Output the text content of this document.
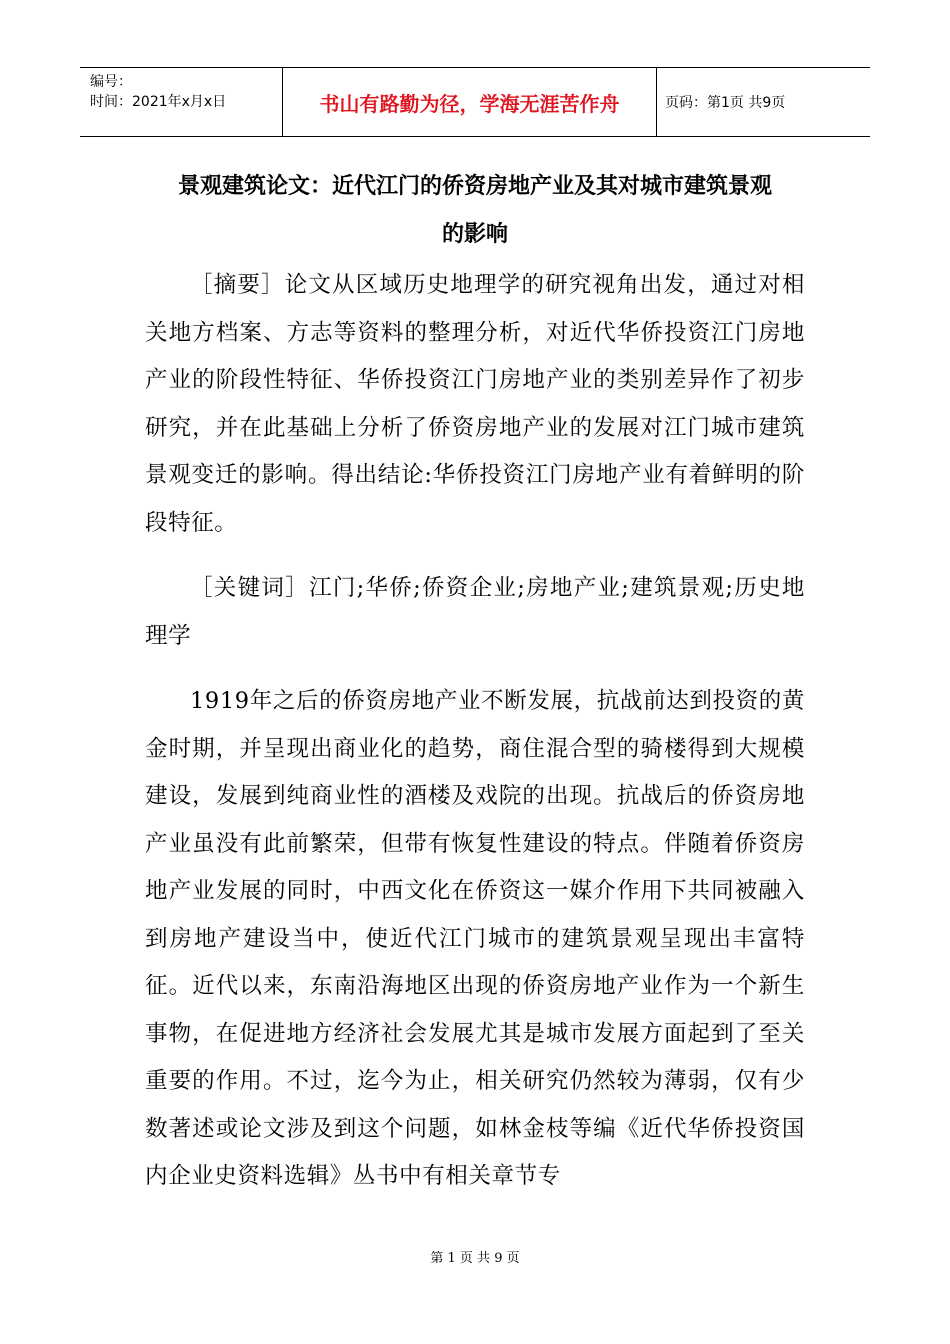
编号：
时间：2021年x月x日	书山有路勤为径，学海无涯苦作舟	页码：第1页 共9页
景观建筑论文：近代江门的侨资房地产业及其对城市建筑景观
的影响

［摘要］论文从区域历史地理学的研究视角出发，通过对相关地方档案、方志等资料的整理分析，对近代华侨投资江门房地产业的阶段性特征、华侨投资江门房地产业的类别差异作了初步研究，并在此基础上分析了侨资房地产业的发展对江门城市建筑景观变迁的影响。得出结论:华侨投资江门房地产业有着鲜明的阶段特征。

［关键词］江门;华侨;侨资企业;房地产业;建筑景观;历史地理学

1919年之后的侨资房地产业不断发展，抗战前达到投资的黄金时期，并呈现出商业化的趋势，商住混合型的骑楼得到大规模建设，发展到纯商业性的酒楼及戏院的出现。抗战后的侨资房地产业虽没有此前繁荣，但带有恢复性建设的特点。伴随着侨资房地产业发展的同时，中西文化在侨资这一媒介作用下共同被融入到房地产建设当中，使近代江门城市的建筑景观呈现出丰富特征。近代以来，东南沿海地区出现的侨资房地产业作为一个新生事物，在促进地方经济社会发展尤其是城市发展方面起到了至关重要的作用。不过，迄今为止，相关研究仍然较为薄弱，仅有少数著述或论文涉及到这个问题，如林金枝等编《近代华侨投资国内企业史资料选辑》丛书中有相关章节专

第 1 页 共 9 页
